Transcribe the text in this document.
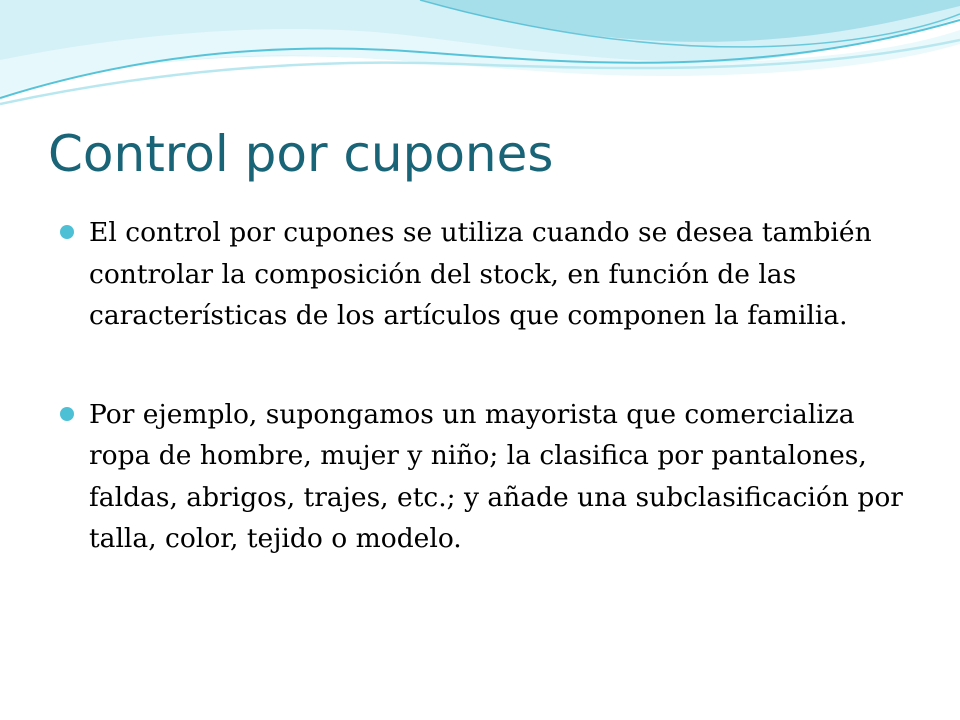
Control por cupones
El control por cupones se utiliza cuando se desea también controlar la composición del stock, en función de las características de los artículos que componen la familia.
Por ejemplo, supongamos un mayorista que comercializa ropa de hombre, mujer y niño; la clasifica por pantalones, faldas, abrigos, trajes, etc.; y añade una subclasificación por talla, color, tejido o modelo.
